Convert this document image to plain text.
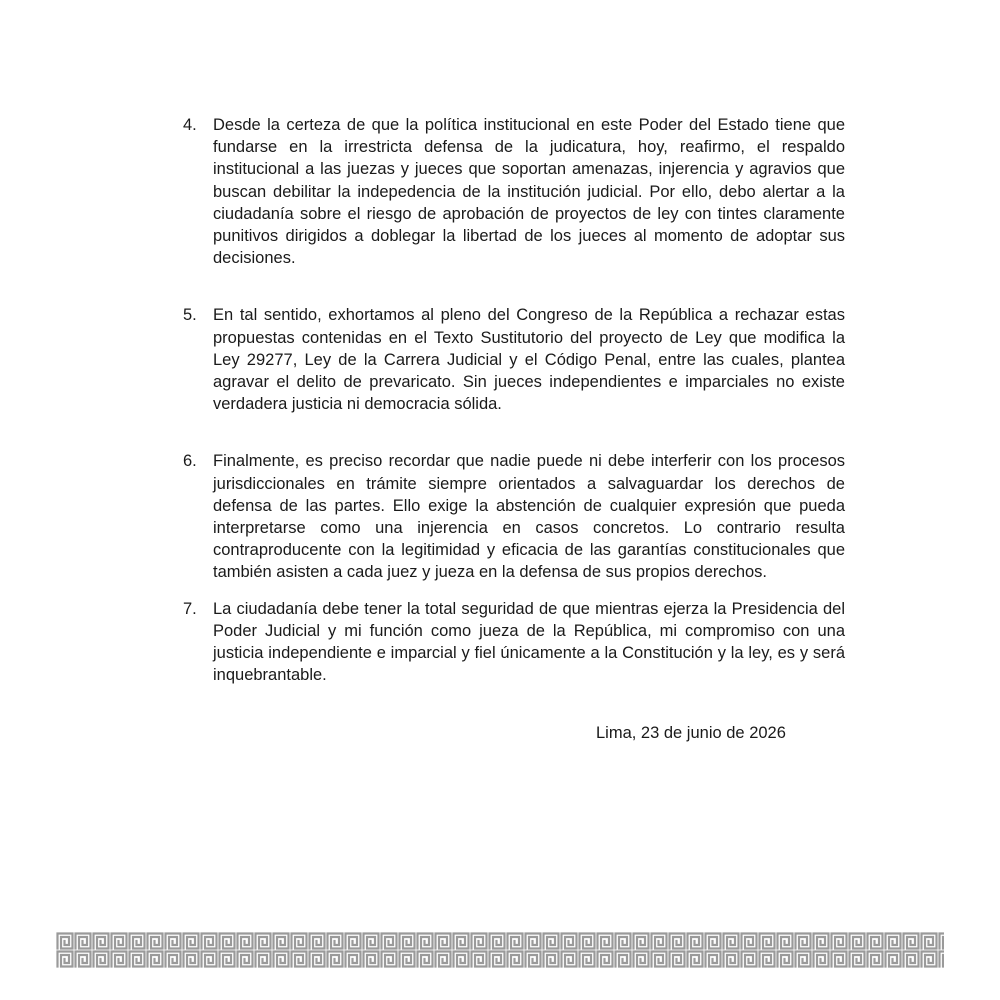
4. Desde la certeza de que la política institucional en este Poder del Estado tiene que fundarse en la irrestricta defensa de la judicatura, hoy, reafirmo, el respaldo institucional a las juezas y jueces que soportan amenazas, injerencia y agravios que buscan debilitar la indepedencia de la institución judicial. Por ello, debo alertar a la ciudadanía sobre el riesgo de aprobación de proyectos de ley con tintes claramente punitivos dirigidos a doblegar la libertad de los jueces al momento de adoptar sus decisiones.
5. En tal sentido, exhortamos al pleno del Congreso de la República a rechazar estas propuestas contenidas en el Texto Sustitutorio del proyecto de Ley que modifica la Ley 29277, Ley de la Carrera Judicial y el Código Penal, entre las cuales, plantea agravar el delito de prevaricato. Sin jueces independientes e imparciales no existe verdadera justicia ni democracia sólida.
6. Finalmente, es preciso recordar que nadie puede ni debe interferir con los procesos jurisdiccionales en trámite siempre orientados a salvaguardar los derechos de defensa de las partes. Ello exige la abstención de cualquier expresión que pueda interpretarse como una injerencia en casos concretos. Lo contrario resulta contraproducente con la legitimidad y eficacia de las garantías constitucionales que también asisten a cada juez y jueza en la defensa de sus propios derechos.
7. La ciudadanía debe tener la total seguridad de que mientras ejerza la Presidencia del Poder Judicial y mi función como jueza de la República, mi compromiso con una justicia independiente e imparcial y fiel únicamente a la Constitución y la ley, es y será inquebrantable.
Lima, 23 de junio de 2026
